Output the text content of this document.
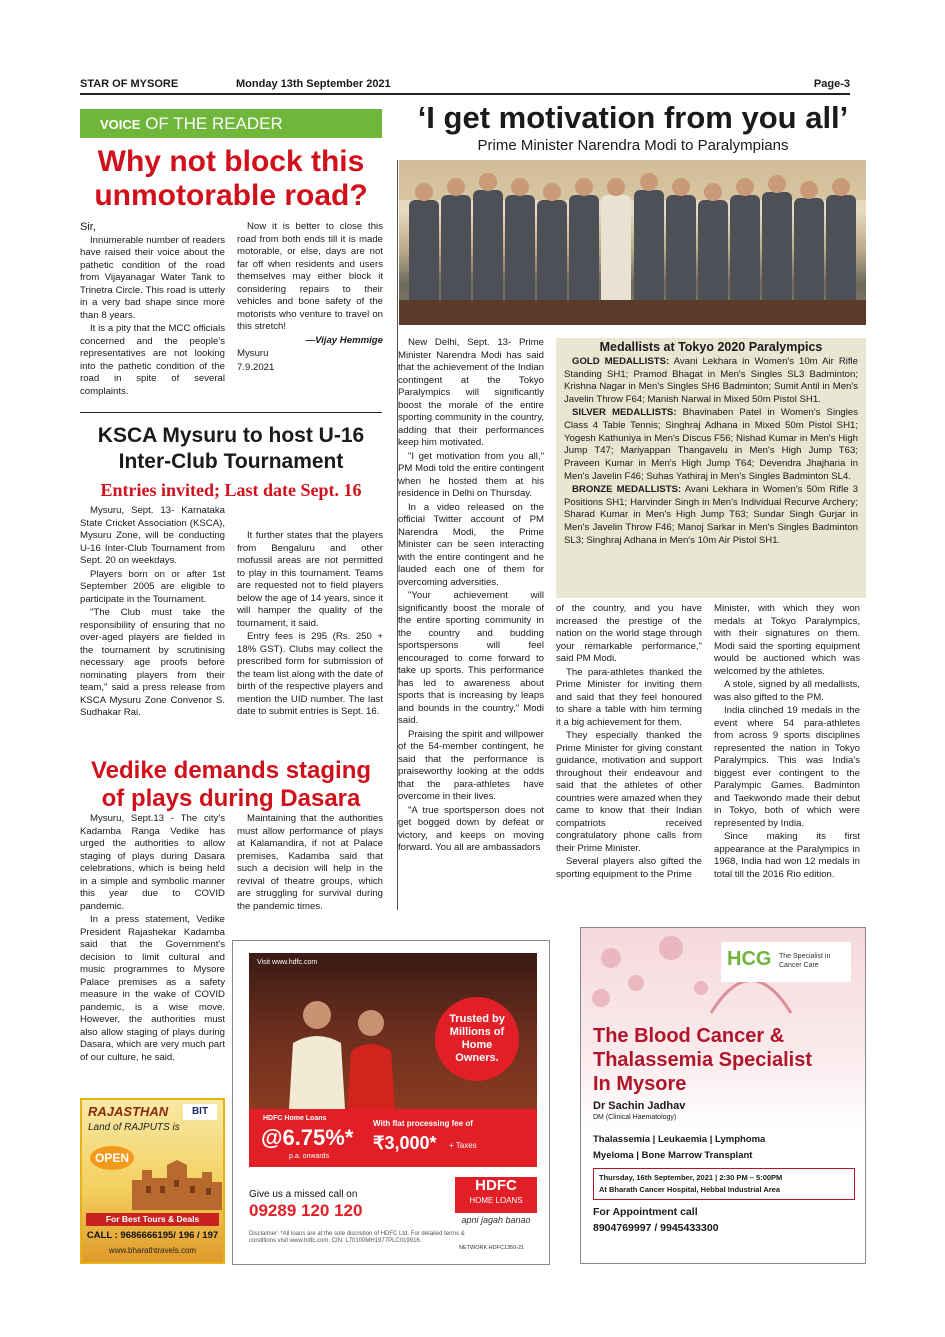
STAR OF MYSORE	Monday 13th September 2021	Page-3
VOICE OF THE READER
Why not block this
unmotorable road?

Sir,

Innumerable number of readers have raised their voice about the pathetic condition of the road from Vijayanagar Water Tank to Trinetra Circle. This road is utterly in a very bad shape since more than 8 years.

It is a pity that the MCC officials concerned and the people's representatives are not looking into the pathetic condition of the road in spite of several complaints.

Now it is better to close this road from both ends till it is made motorable, or else, days are not far off when residents and users themselves may either block it considering repairs to their vehicles and bone safety of the motorists who venture to travel on this stretch!

—Vijay Hemmige

Mysuru

7.9.2021

KSCA Mysuru to host U-16
Inter-Club Tournament
Entries invited; Last date Sept. 16

Mysuru, Sept. 13- Karnataka State Cricket Association (KSCA), Mysuru Zone, will be conducting U-16 Inter-Club Tournament from Sept. 20 on weekdays.

Players born on or after 1st September 2005 are eligible to participate in the Tournament.

"The Club must take the responsibility of ensuring that no over-aged players are fielded in the tournament by scrutinising necessary age proofs before nominating players from their team," said a press release from KSCA Mysuru Zone Convenor S. Sudhakar Rai.

It further states that the players from Bengaluru and other mofussil areas are not permitted to play in this tournament. Teams are requested not to field players below the age of 14 years, since it will hamper the quality of the tournament, it said.

Entry fees is 295 (Rs. 250 + 18% GST). Clubs may collect the prescribed form for submission of the team list along with the date of birth of the respective players and mention the UID number. The last date to submit entries is Sept. 16.

Vedike demands staging
of plays during Dasara

Mysuru, Sept.13 - The city's Kadamba Ranga Vedike has urged the authorities to allow staging of plays during Dasara celebrations, which is being held in a simple and symbolic manner this year due to COVID pandemic.

In a press statement, Vedike President Rajashekar Kadamba said that the Government's decision to limit cultural and music programmes to Mysore Palace premises as a safety measure in the wake of COVID pandemic, is a wise move. However, the authorities must also allow staging of plays during Dasara, which are very much part of our culture, he said.

Maintaining that the authorities must allow performance of plays at Kalamandira, if not at Palace premises, Kadamba said that such a decision will help in the revival of theatre groups, which are struggling for survival during the pandemic times.

‘I get motivation from you all’
Prime Minister Narendra Modi to Paralympians

New Delhi, Sept. 13- Prime Minister Narendra Modi has said that the achievement of the Indian contingent at the Tokyo Paralympics will significantly boost the morale of the entire sporting community in the country, adding that their performances keep him motivated.

"I get motivation from you all," PM Modi told the entire contingent when he hosted them at his residence in Delhi on Thursday.

In a video released on the official Twitter account of PM Narendra Modi, the Prime Minister can be seen interacting with the entire contingent and he lauded each one of them for overcoming adversities.

"Your achievement will significantly boost the morale of the entire sporting community in the country and budding sportspersons will feel encouraged to come forward to take up sports. This performance has led to awareness about sports that is increasing by leaps and bounds in the country," Modi said.

Praising the spirit and willpower of the 54-member contingent, he said that the performance is praiseworthy looking at the odds that the para-athletes have overcome in their lives.

"A true sportsperson does not get bogged down by defeat or victory, and keeps on moving forward. You all are ambassadors

Medallists at Tokyo 2020 Paralympics

GOLD MEDALLISTS: Avani Lekhara in Women's 10m Air Rifle Standing SH1; Pramod Bhagat in Men's Singles SL3 Badminton; Krishna Nagar in Men's Singles SH6 Badminton; Sumit Antil in Men's Javelin Throw F64; Manish Narwal in Mixed 50m Pistol SH1.

SILVER MEDALLISTS: Bhavinaben Patel in Women's Singles Class 4 Table Tennis; Singhraj Adhana in Mixed 50m Pistol SH1; Yogesh Kathuniya in Men's Discus F56; Nishad Kumar in Men's High Jump T47; Mariyappan Thangavelu in Men's High Jump T63; Praveen Kumar in Men's High Jump T64; Devendra Jhajharia in Men's Javelin F46; Suhas Yathiraj in Men's Singles Badminton SL4.

BRONZE MEDALLISTS: Avani Lekhara in Women's 50m Rifle 3 Positions SH1; Harvinder Singh in Men's Individual Recurve Archery; Sharad Kumar in Men's High Jump T63; Sundar Singh Gurjar in Men's Javelin Throw F46; Manoj Sarkar in Men's Singles Badminton SL3; Singhraj Adhana in Men's 10m Air Pistol SH1.

of the country, and you have increased the prestige of the nation on the world stage through your remarkable performance," said PM Modi.

The para-athletes thanked the Prime Minister for inviting them and said that they feel honoured to share a table with him terming it a big achievement for them.

They especially thanked the Prime Minister for giving constant guidance, motivation and support throughout their endeavour and said that the athletes of other countries were amazed when they came to know that their Indian compatriots received congratulatory phone calls from their Prime Minister.

Several players also gifted the sporting equipment to the Prime

Minister, with which they won medals at Tokyo Paralympics, with their signatures on them. Modi said the sporting equipment would be auctioned which was welcomed by the athletes.

A stole, signed by all medallists, was also gifted to the PM.

India clinched 19 medals in the event where 54 para-athletes from across 9 sports disciplines represented the nation in Tokyo Paralympics. This was India's biggest ever contingent to the Paralympic Games. Badminton and Taekwondo made their debut in Tokyo, both of which were represented by India.

Since making its first appearance at the Paralympics in 1968, India had won 12 medals in total till the 2016 Rio edition.

RAJASTHAN	BIT
Land of RAJPUTS is
OPEN
For Best Tours & Deals
CALL : 9686666195/ 196 / 197
www.bharathtravels.com
Visit www.hdfc.com
Trusted by Millions of Home Owners.
HDFC Home Loans
@6.75%*
p.a. onwards
With flat processing fee of
₹3,000* + Taxes
Give us a missed call on
09289 120 120
HDFC
HOME LOANS
apni jagah banao
Disclaimer: *All loans are at the sole discretion of HDFC Ltd. For detailed terms & conditions visit www.hdfc.com. CIN: L70100MH1977PLC019916.
NETWORK HDFC1350-21
HCG The Specialist in Cancer Care
The Blood Cancer &
Thalassemia Specialist
In Mysore
Dr Sachin Jadhav
DM (Clinical Haematology)
Thalassemia | Leukaemia | Lymphoma
Myeloma | Bone Marrow Transplant
Thursday, 16th September, 2021 | 2:30 PM – 5:00PM
At Bharath Cancer Hospital, Hebbal Industrial Area
For Appointment call
8904769997 / 9945433300
